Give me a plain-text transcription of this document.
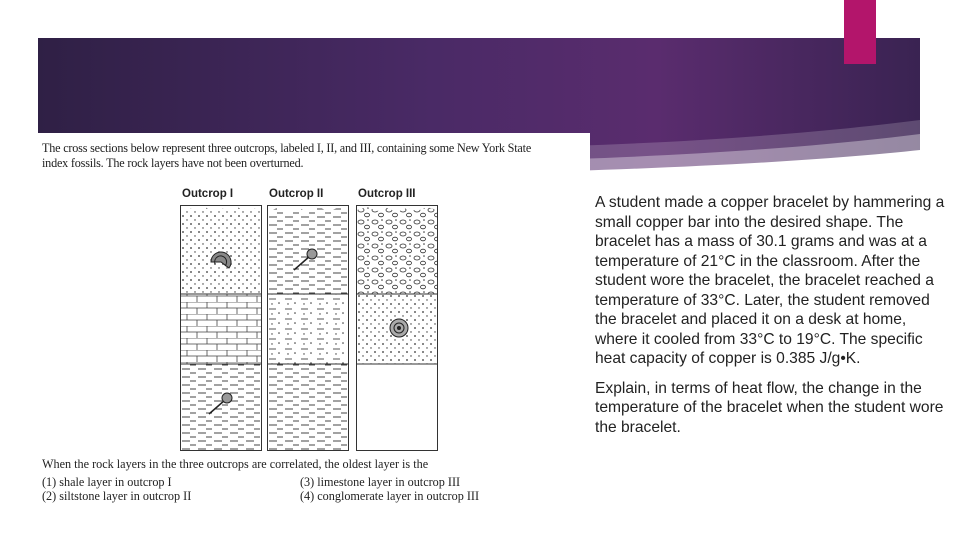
The cross sections below represent three outcrops, labeled I, II, and III, containing some New York State
index fossils. The rock layers have not been overturned.
Outcrop I	Outcrop II	Outcrop III
When the rock layers in the three outcrops are correlated, the oldest layer is the
(1) shale layer in outcrop I
(2) siltstone layer in outcrop II
(3) limestone layer in outcrop III
(4) conglomerate layer in outcrop III

A student made a copper bracelet by hammering a small copper bar into the desired shape. The bracelet has a mass of 30.1 grams and was at a temperature of 21°C in the classroom. After the student wore the bracelet, the bracelet reached a temperature of 33°C. Later, the student removed the bracelet and placed it on a desk at home, where it cooled from 33°C to 19°C. The specific heat capacity of copper is 0.385 J/g•K.

Explain, in terms of heat flow, the change in the temperature of the bracelet when the student wore the bracelet.
